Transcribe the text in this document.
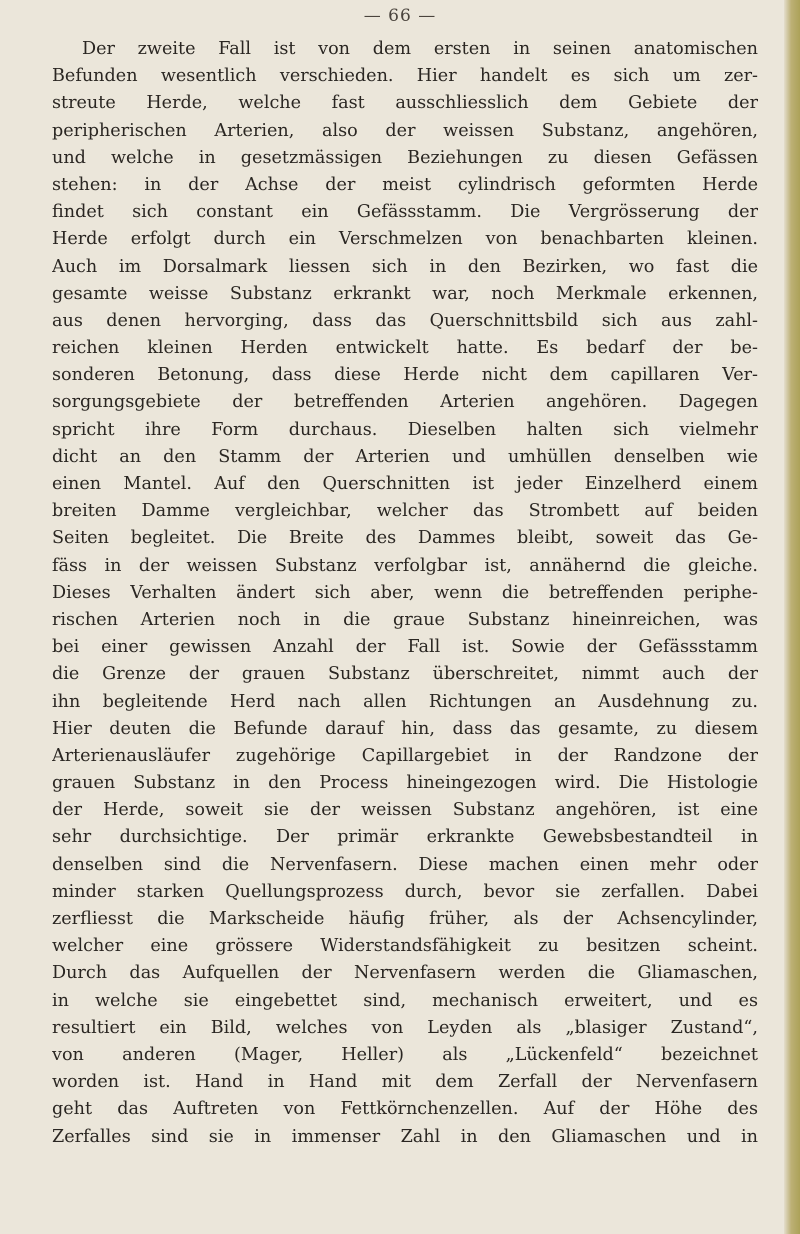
— 66 —
Der zweite Fall ist von dem ersten in seinen anatomischen
Befunden wesentlich verschieden. Hier handelt es sich um zer-
streute Herde, welche fast ausschliesslich dem Gebiete der
peripherischen Arterien, also der weissen Substanz, angehören,
und welche in gesetzmässigen Beziehungen zu diesen Gefässen
stehen: in der Achse der meist cylindrisch geformten Herde
findet sich constant ein Gefässstamm. Die Vergrösserung der
Herde erfolgt durch ein Verschmelzen von benachbarten kleinen.
Auch im Dorsalmark liessen sich in den Bezirken, wo fast die
gesamte weisse Substanz erkrankt war, noch Merkmale erkennen,
aus denen hervorging, dass das Querschnittsbild sich aus zahl-
reichen kleinen Herden entwickelt hatte. Es bedarf der be-
sonderen Betonung, dass diese Herde nicht dem capillaren Ver-
sorgungsgebiete der betreffenden Arterien angehören. Dagegen
spricht ihre Form durchaus. Dieselben halten sich vielmehr
dicht an den Stamm der Arterien und umhüllen denselben wie
einen Mantel. Auf den Querschnitten ist jeder Einzelherd einem
breiten Damme vergleichbar, welcher das Strombett auf beiden
Seiten begleitet. Die Breite des Dammes bleibt, soweit das Ge-
fäss in der weissen Substanz verfolgbar ist, annähernd die gleiche.
Dieses Verhalten ändert sich aber, wenn die betreffenden periphe-
rischen Arterien noch in die graue Substanz hineinreichen, was
bei einer gewissen Anzahl der Fall ist. Sowie der Gefässstamm
die Grenze der grauen Substanz überschreitet, nimmt auch der
ihn begleitende Herd nach allen Richtungen an Ausdehnung zu.
Hier deuten die Befunde darauf hin, dass das gesamte, zu diesem
Arterienausläufer zugehörige Capillargebiet in der Randzone der
grauen Substanz in den Process hineingezogen wird. Die Histologie
der Herde, soweit sie der weissen Substanz angehören, ist eine
sehr durchsichtige. Der primär erkrankte Gewebsbestandteil in
denselben sind die Nervenfasern. Diese machen einen mehr oder
minder starken Quellungsprozess durch, bevor sie zerfallen. Dabei
zerfliesst die Markscheide häufig früher, als der Achsencylinder,
welcher eine grössere Widerstandsfähigkeit zu besitzen scheint.
Durch das Aufquellen der Nervenfasern werden die Gliamaschen,
in welche sie eingebettet sind, mechanisch erweitert, und es
resultiert ein Bild, welches von Leyden als „blasiger Zustand“,
von anderen (Mager, Heller) als „Lückenfeld“ bezeichnet
worden ist. Hand in Hand mit dem Zerfall der Nervenfasern
geht das Auftreten von Fettkörnchenzellen. Auf der Höhe des
Zerfalles sind sie in immenser Zahl in den Gliamaschen und in
